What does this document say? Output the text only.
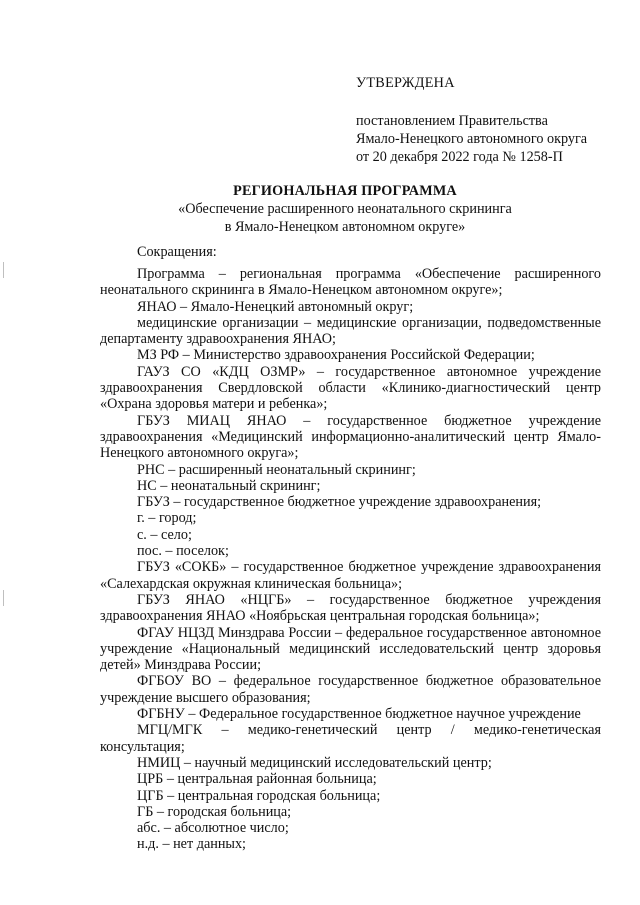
УТВЕРЖДЕНА
постановлением Правительства
Ямало-Ненецкого автономного округа
от 20 декабря 2022 года № 1258-П
РЕГИОНАЛЬНАЯ ПРОГРАММА
«Обеспечение расширенного неонатального скрининга
в Ямало-Ненецком автономном округе»
Сокращения:

Программа – региональная программа «Обеспечение расширенного неонатального скрининга в Ямало-Ненецком автономном округе»;

ЯНАО – Ямало-Ненецкий автономный округ;

медицинские организации – медицинские организации, подведомственные департаменту здравоохранения ЯНАО;

МЗ РФ – Министерство здравоохранения Российской Федерации;

ГАУЗ СО «КДЦ ОЗМР» – государственное автономное учреждение здравоохранения Свердловской области «Клинико-диагностический центр «Охрана здоровья матери и ребенка»;

ГБУЗ МИАЦ ЯНАО – государственное бюджетное учреждение здравоохранения «Медицинский информационно-аналитический центр Ямало-Ненецкого автономного округа»;

РНС – расширенный неонатальный скрининг;

НС – неонатальный скрининг;

ГБУЗ – государственное бюджетное учреждение здравоохранения;

г. – город;

с. – село;

пос. – поселок;

ГБУЗ «СОКБ» – государственное бюджетное учреждение здравоохранения «Салехардская окружная клиническая больница»;

ГБУЗ ЯНАО «НЦГБ» – государственное бюджетное учреждения здравоохранения ЯНАО «Ноябрьская центральная городская больница»;

ФГАУ НЦЗД Минздрава России – федеральное государственное автономное учреждение «Национальный медицинский исследовательский центр здоровья детей» Минздрава России;

ФГБОУ ВО – федеральное государственное бюджетное образовательное учреждение высшего образования;

ФГБНУ – Федеральное государственное бюджетное научное учреждение

МГЦ/МГК – медико-генетический центр / медико-генетическая консультация;

НМИЦ – научный медицинский исследовательский центр;

ЦРБ – центральная районная больница;

ЦГБ – центральная городская больница;

ГБ – городская больница;

абс. – абсолютное число;

н.д. – нет данных;
